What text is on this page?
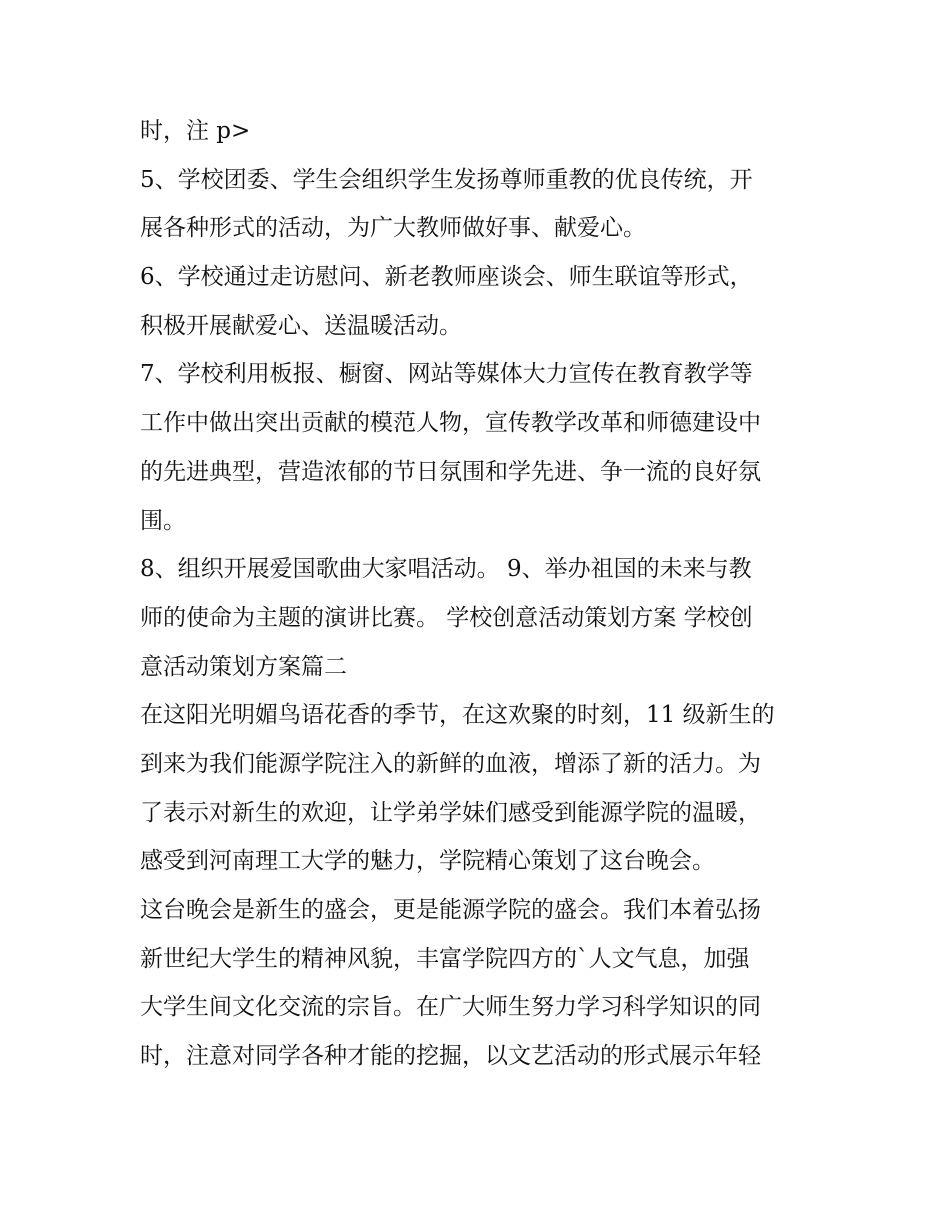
时，注 p>
5、学校团委、学生会组织学生发扬尊师重教的优良传统，开
展各种形式的活动，为广大教师做好事、献爱心。
6、学校通过走访慰问、新老教师座谈会、师生联谊等形式，
积极开展献爱心、送温暖活动。
7、学校利用板报、橱窗、网站等媒体大力宣传在教育教学等
工作中做出突出贡献的模范人物，宣传教学改革和师德建设中
的先进典型，营造浓郁的节日氛围和学先进、争一流的良好氛
围。
8、组织开展爱国歌曲大家唱活动。 9、举办祖国的未来与教
师的使命为主题的演讲比赛。 学校创意活动策划方案 学校创
意活动策划方案篇二
在这阳光明媚鸟语花香的季节，在这欢聚的时刻，11 级新生的
到来为我们能源学院注入的新鲜的血液，增添了新的活力。为
了表示对新生的欢迎，让学弟学妹们感受到能源学院的温暖，
感受到河南理工大学的魅力，学院精心策划了这台晚会。
这台晚会是新生的盛会，更是能源学院的盛会。我们本着弘扬
新世纪大学生的精神风貌，丰富学院四方的`人文气息，加强
大学生间文化交流的宗旨。在广大师生努力学习科学知识的同
时，注意对同学各种才能的挖掘，以文艺活动的形式展示年轻
